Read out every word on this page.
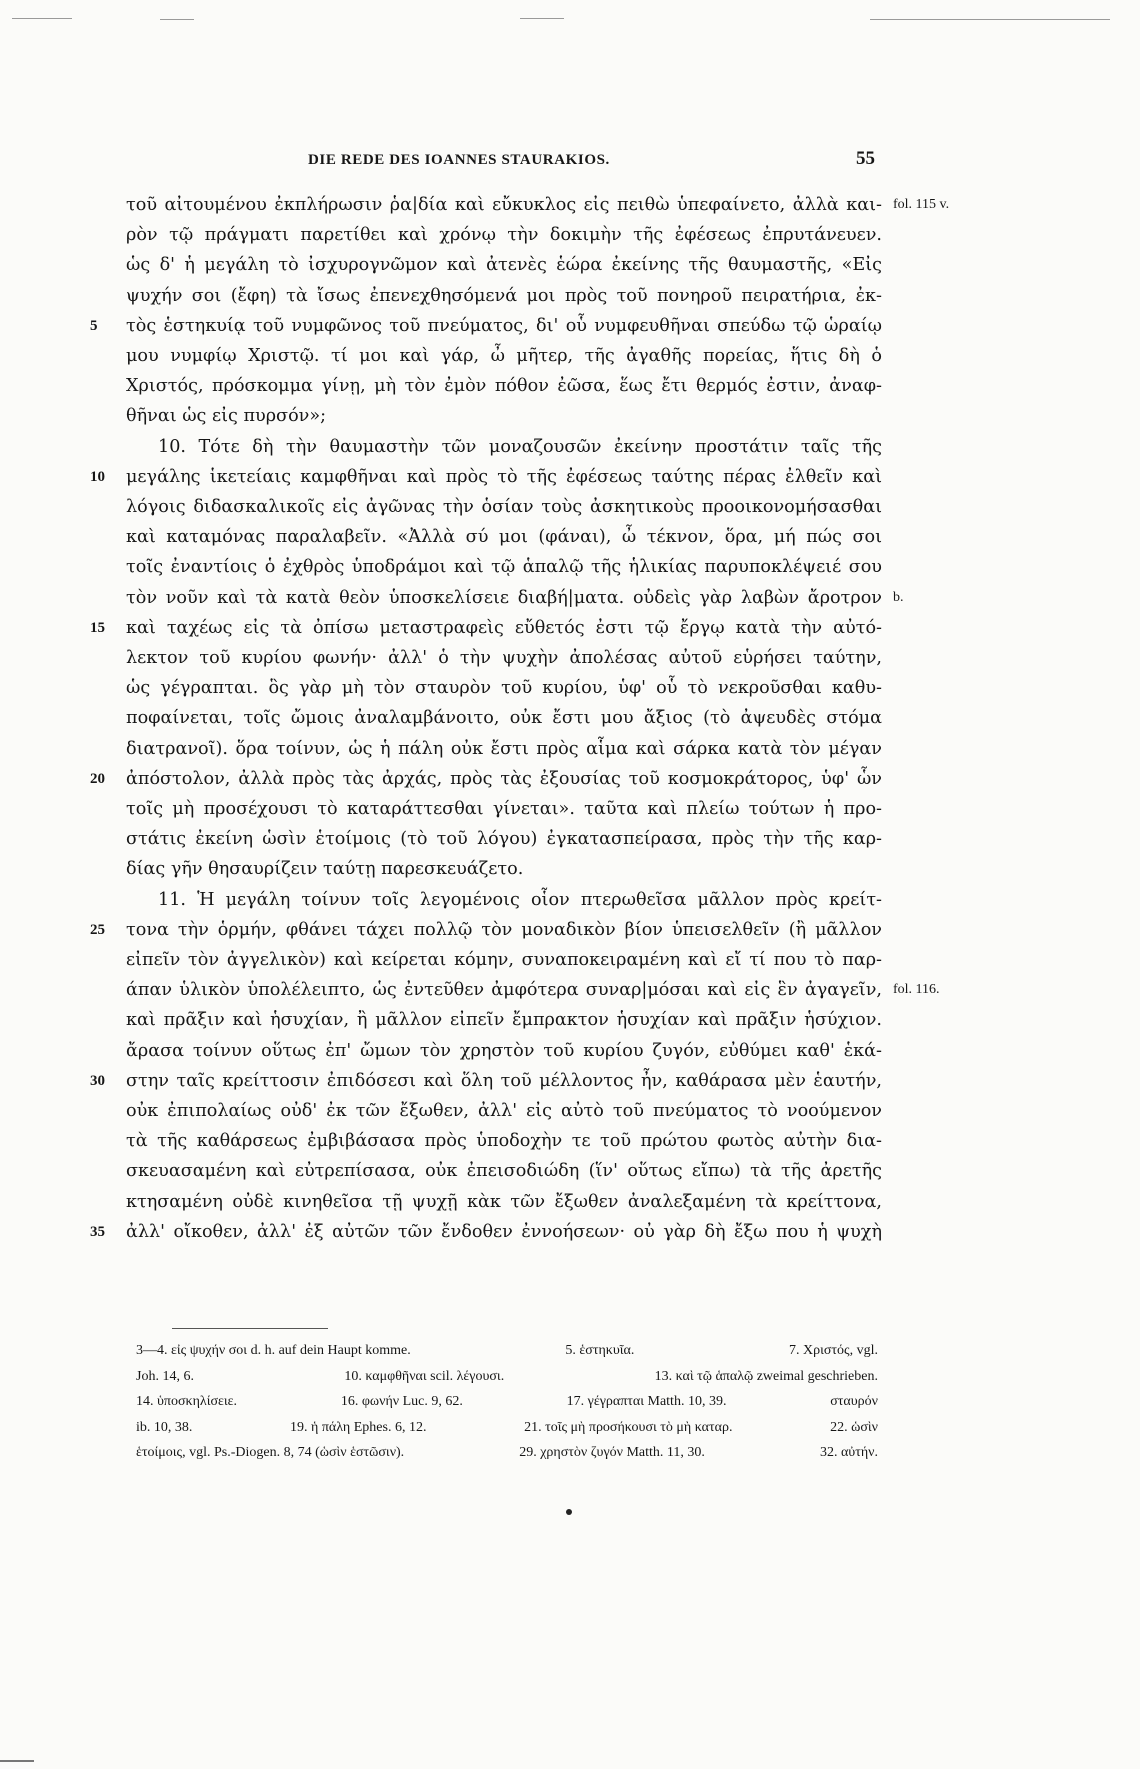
DIE REDE DES IOANNES STAURAKIOS.	55
τοῦ αἰτουμένου ἐκπλήρωσιν ῥα|δία καὶ εὔκυκλος εἰς πειθὼ ὑπεφαίνετο, ἀλλὰ και- fol. 115 v.
ρὸν τῷ πράγματι παρετίθει καὶ χρόνῳ τὴν δοκιμὴν τῆς ἐφέσεως ἐπρυτάνευεν.
ὡς δ' ἡ μεγάλη τὸ ἰσχυρογνῶμον καὶ ἀτενὲς ἑώρα ἐκείνης τῆς θαυμαστῆς, «Εἰς
ψυχήν σοι (ἔφη) τὰ ἴσως ἐπενεχθησόμενά μοι πρὸς τοῦ πονηροῦ πειρατήρια, ἐκ-
5	τὸς ἑστηκυίᾳ τοῦ νυμφῶνος τοῦ πνεύματος, δι' οὗ νυμφευθῆναι σπεύδω τῷ ὡραίῳ
μου νυμφίῳ Χριστῷ. τί μοι καὶ γάρ, ὦ μῆτερ, τῆς ἀγαθῆς πορείας, ἥτις δὴ ὁ
Χριστός, πρόσκομμα γίνῃ, μὴ τὸν ἐμὸν πόθον ἐῶσα, ἕως ἔτι θερμός ἐστιν, ἀναφ-
θῆναι ὡς εἰς πυρσόν»;
10. Τότε δὴ τὴν θαυμαστὴν τῶν μοναζουσῶν ἐκείνην προστάτιν ταῖς τῆς
10	μεγάλης ἱκετείαις καμφθῆναι καὶ πρὸς τὸ τῆς ἐφέσεως ταύτης πέρας ἐλθεῖν καὶ
λόγοις διδασκαλικοῖς εἰς ἀγῶνας τὴν ὁσίαν τοὺς ἀσκητικοὺς προοικονομήσασθαι
καὶ καταμόνας παραλαβεῖν. «Ἀλλὰ σύ μοι (φάναι), ὦ τέκνον, ὅρα, μή πώς σοι
τοῖς ἐναντίοις ὁ ἐχθρὸς ὑποδράμοι καὶ τῷ ἁπαλῷ τῆς ἡλικίας παρυποκλέψειέ σου
τὸν νοῦν καὶ τὰ κατὰ θεὸν ὑποσκελίσειε διαβή|ματα. οὐδεὶς γὰρ λαβὼν ἄροτρον b.
15	καὶ ταχέως εἰς τὰ ὀπίσω μεταστραφεὶς εὔθετός ἐστι τῷ ἔργῳ κατὰ τὴν αὐτό-
λεκτον τοῦ κυρίου φωνήν· ἀλλ' ὁ τὴν ψυχὴν ἀπολέσας αὐτοῦ εὑρήσει ταύτην,
ὡς γέγραπται. ὃς γὰρ μὴ τὸν σταυρὸν τοῦ κυρίου, ὑφ' οὗ τὸ νεκροῦσθαι καθυ-
ποφαίνεται, τοῖς ὤμοις ἀναλαμβάνοιτο, οὐκ ἔστι μου ἄξιος (τὸ ἀψευδὲς στόμα
διατρανοῖ). ὅρα τοίνυν, ὡς ἡ πάλη οὐκ ἔστι πρὸς αἷμα καὶ σάρκα κατὰ τὸν μέγαν
20	ἀπόστολον, ἀλλὰ πρὸς τὰς ἀρχάς, πρὸς τὰς ἐξουσίας τοῦ κοσμοκράτορος, ὑφ' ὧν
τοῖς μὴ προσέχουσι τὸ καταράττεσθαι γίνεται». ταῦτα καὶ πλείω τούτων ἡ προ-
στάτις ἐκείνη ὡσὶν ἑτοίμοις (τὸ τοῦ λόγου) ἐγκατασπείρασα, πρὸς τὴν τῆς καρ-
δίας γῆν θησαυρίζειν ταύτῃ παρεσκευάζετο.
11. Ἡ μεγάλη τοίνυν τοῖς λεγομένοις οἷον πτερωθεῖσα μᾶλλον πρὸς κρείτ-
25	τονα τὴν ὁρμήν, φθάνει τάχει πολλῷ τὸν μοναδικὸν βίον ὑπεισελθεῖν (ἢ μᾶλλον
εἰπεῖν τὸν ἀγγελικὸν) καὶ κείρεται κόμην, συναποκειραμένη καὶ εἴ τί που τὸ παρ-
άπαν ὑλικὸν ὑπολέλειπτο, ὡς ἐντεῦθεν ἀμφότερα συναρ|μόσαι καὶ εἰς ἓν ἀγαγεῖν, fol. 116.
καὶ πρᾶξιν καὶ ἡσυχίαν, ἢ μᾶλλον εἰπεῖν ἔμπρακτον ἡσυχίαν καὶ πρᾶξιν ἡσύχιον.
ἄρασα τοίνυν οὕτως ἐπ' ὤμων τὸν χρηστὸν τοῦ κυρίου ζυγόν, εὐθύμει καθ' ἑκά-
30	στην ταῖς κρείττοσιν ἐπιδόσεσι καὶ ὅλη τοῦ μέλλοντος ἦν, καθάρασα μὲν ἑαυτήν,
οὐκ ἐπιπολαίως οὐδ' ἐκ τῶν ἔξωθεν, ἀλλ' εἰς αὐτὸ τοῦ πνεύματος τὸ νοούμενον
τὰ τῆς καθάρσεως ἐμβιβάσασα πρὸς ὑποδοχὴν τε τοῦ πρώτου φωτὸς αὐτὴν δια-
σκευασαμένη καὶ εὐτρεπίσασα, οὐκ ἐπεισοδιώδη (ἵν' οὕτως εἴπω) τὰ τῆς ἀρετῆς
κτησαμένη οὐδὲ κινηθεῖσα τῇ ψυχῇ κὰκ τῶν ἔξωθεν ἀναλεξαμένη τὰ κρείττονα,
35	ἀλλ' οἴκοθεν, ἀλλ' ἐξ αὐτῶν τῶν ἔνδοθεν ἐννοήσεων· οὐ γὰρ δὴ ἔξω που ἡ ψυχὴ
3—4. εἰς ψυχήν σοι d. h. auf dein Haupt komme.	5. ἑστηκυῖα.	7. Χριστός, vgl.
Joh. 14, 6.	10. καμφθῆναι scil. λέγουσι.	13. καὶ τῷ ἁπαλῷ zweimal geschrieben.
14. ὑποσκηλίσειε.	16. φωνήν Luc. 9, 62.	17. γέγραπται Matth. 10, 39.	σταυρόν
ib. 10, 38.	19. ἡ πάλη Ephes. 6, 12.	21. τοῖς μὴ προσήκουσι τὸ μὴ καταρ.	22. ὡσὶν
ἑτοίμοις, vgl. Ps.-Diogen. 8, 74 (ὡσὶν ἑστῶσιν).	29. χρηστὸν ζυγόν Matth. 11, 30.	32. αὐτήν.
